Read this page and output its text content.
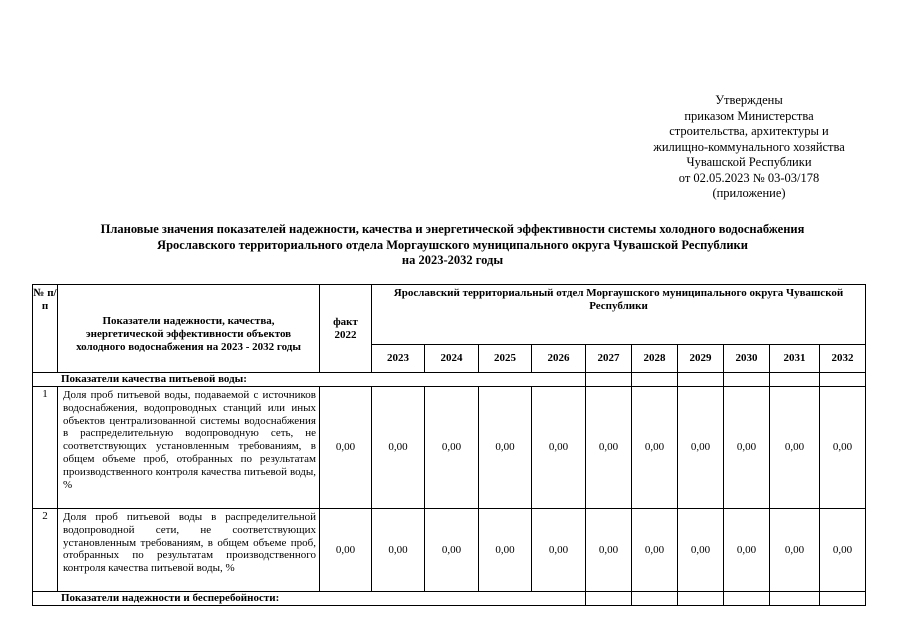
Утверждены
приказом Министерства
строительства, архитектуры и
жилищно-коммунального хозяйства
Чувашской Республики
от 02.05.2023 № 03-03/178
(приложение)
Плановые значения показателей надежности, качества и энергетической эффективности системы холодного водоснабжения
Ярославского территориального отдела Моргаушского муниципального округа Чувашской Республики
на 2023-2032 годы
№ п/п	Показатели надежности, качества, энергетической эффективности объектов холодного водоснабжения на 2023 - 2032 годы	факт 2022	Ярославский территориальный отдел Моргаушского муниципального округа Чувашской Республики									
			2023	2024	2025	2026	2027	2028	2029	2030	2031	2032
Показатели качества питьевой воды:												
1	Доля проб питьевой воды, подаваемой с источников водоснабжения, водопроводных станций или иных объектов централизованной системы водоснабжения в распределительную водопроводную сеть, не соответствующих установленным требованиям, в общем объеме проб, отобранных по результатам производственного контроля качества питьевой воды, %	0,00	0,00	0,00	0,00	0,00	0,00	0,00	0,00	0,00	0,00	0,00
2	Доля проб питьевой воды в распределительной водопроводной сети, не соответствующих установленным требованиям, в общем объеме проб, отобранных по результатам производственного контроля качества питьевой воды, %	0,00	0,00	0,00	0,00	0,00	0,00	0,00	0,00	0,00	0,00	0,00
Показатели надежности и бесперебойности:												
